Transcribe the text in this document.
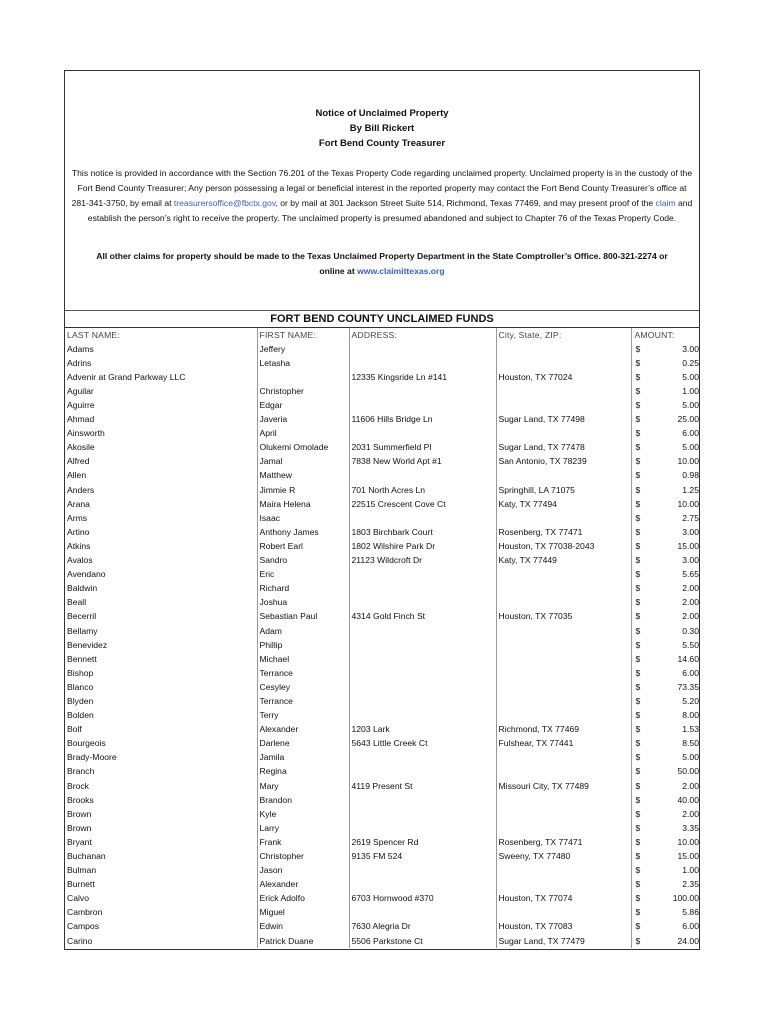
Notice of Unclaimed Property
By Bill Rickert
Fort Bend County Treasurer
This notice is provided in accordance with the Section 76.201 of the Texas Property Code regarding unclaimed property. Unclaimed property is in the custody of the Fort Bend County Treasurer; Any person possessing a legal or beneficial interest in the reported property may contact the Fort Bend County Treasurer’s office at 281-341-3750, by email at treasurersoffice@fbctx.gov, or by mail at 301 Jackson Street Suite 514, Richmond, Texas 77469, and may present proof of the claim and establish the person’s right to receive the property. The unclaimed property is presumed abandoned and subject to Chapter 76 of the Texas Property Code.
All other claims for property should be made to the Texas Unclaimed Property Department in the State Comptroller’s Office. 800-321-2274 or online at www.claimittexas.org
FORT BEND COUNTY UNCLAIMED FUNDS
LAST NAME:	FIRST NAME:	ADDRESS:	City, State, ZIP:	AMOUNT:
Adams	Jeffery			$ 3.00

Adrins	Letasha			$ 0.25

Advenir at Grand Parkway LLC		12335 Kingsride Ln #141	Houston, TX 77024	$ 5.00

Aguilar	Christopher			$ 1.00

Aguirre	Edgar			$ 5.00

Ahmad	Javeria	11606 Hills Bridge Ln	Sugar Land, TX 77498	$ 25.00

Ainsworth	April			$ 6.00

Akosile	Olukemi Omolade	2031 Summerfield Pl	Sugar Land, TX 77478	$ 5.00

Alfred	Jamal	7838 New World Apt #1	San Antonio, TX 78239	$ 10.00

Allen	Matthew			$ 0.98

Anders	Jimmie R	701 North Acres Ln	Springhill, LA 71075	$ 1.25

Arana	Maira Helena	22515 Crescent Cove Ct	Katy, TX 77494	$ 10.00

Arms	Isaac			$ 2.75

Artino	Anthony James	1803 Birchbark Court	Rosenberg, TX 77471	$ 3.00

Atkins	Robert Earl	1802 Wilshire Park Dr	Houston, TX 77038-2043	$ 15.00

Avalos	Sandro	21123 Wildcroft Dr	Katy, TX 77449	$ 3.00

Avendano	Eric			$ 5.65

Baldwin	Richard			$ 2.00

Beall	Joshua			$ 2.00

Becerril	Sebastian Paul	4314 Gold Finch St	Houston, TX 77035	$ 2.00

Bellamy	Adam			$ 0.30

Benevidez	Phillip			$ 5.50

Bennett	Michael			$ 14.60

Bishop	Terrance			$ 6.00

Blanco	Cesyley			$ 73.35

Blyden	Terrance			$ 5.20

Bolden	Terry			$ 8.00

Bolf	Alexander	1203 Lark	Richmond, TX 77469	$ 1.53

Bourgeois	Darlene	5643 Little Creek Ct	Fulshear, TX 77441	$ 8.50

Brady-Moore	Jamila			$ 5.00

Branch	Regina			$ 50.00

Brock	Mary	4119 Present St	Missouri City, TX 77489	$ 2.00

Brooks	Brandon			$ 40.00

Brown	Kyle			$ 2.00

Brown	Larry			$ 3.35

Bryant	Frank	2619 Spencer Rd	Rosenberg, TX 77471	$ 10.00

Buchanan	Christopher	9135 FM 524	Sweeny, TX 77480	$ 15.00

Bulman	Jason			$ 1.00

Burnett	Alexander			$ 2.35

Calvo	Erick Adolfo	6703 Hornwood #370	Houston, TX 77074	$ 100.00

Cambron	Miguel			$ 5.86

Campos	Edwin	7630 Alegria Dr	Houston, TX 77083	$ 6.00

Carino	Patrick Duane	5506 Parkstone Ct	Sugar Land, TX 77479	$ 24.00
